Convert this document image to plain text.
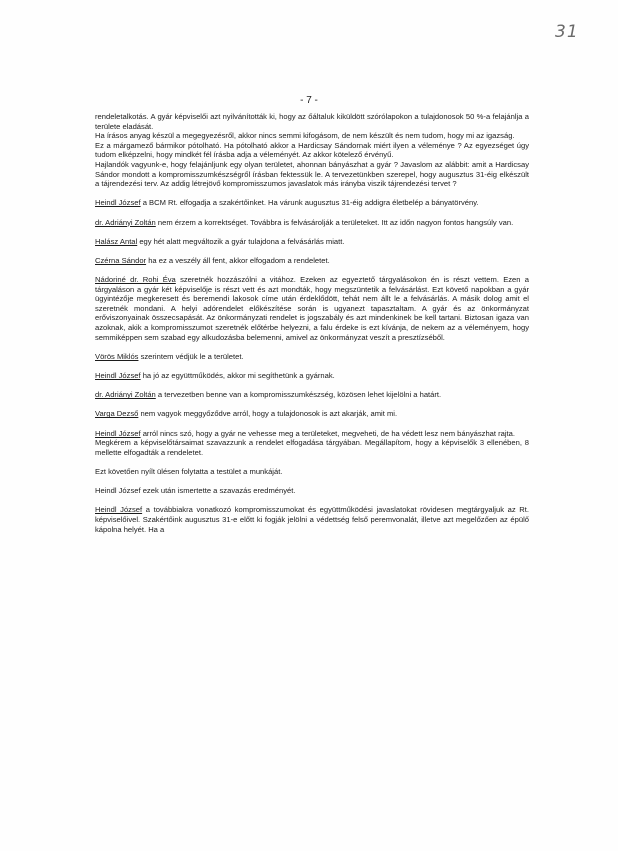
31
- 7 -

rendeletalkotás. A gyár képviselői azt nyilvánították ki, hogy az őáltaluk kiküldött szórólapokon a tulajdonosok 50 %-a felajánlja a területe eladását.

Ha írásos anyag készül a megegyezésről, akkor nincs semmi kifogásom, de nem készült és nem tudom, hogy mi az igazság.

Ez a márgamező bármikor pótolható. Ha pótolható akkor a Hardicsay Sándornak miért ilyen a véleménye ? Az egyezséget úgy tudom elképzelni, hogy mindkét fél írásba adja a véleményét. Az akkor kötelező érvényű.

Hajlandók vagyunk-e, hogy felajánljunk egy olyan területet, ahonnan bányászhat a gyár ? Javaslom az alábbit: amit a Hardicsay Sándor mondott a kompromisszumkészségről írásban fektessük le. A tervezetünkben szerepel, hogy augusztus 31-éig elkészült a tájrendezési terv. Az addig létrejövő kompromisszumos javaslatok más irányba viszik tájrendezési tervet ?

Heindl József a BCM Rt. elfogadja a szakértőinket. Ha várunk augusztus 31-éig addigra életbelép a bányatörvény.

dr. Adriányi Zoltán nem érzem a korrektséget. Továbbra is felvásárolják a területeket. Itt az időn nagyon fontos hangsúly van.

Halász Antal egy hét alatt megváltozik a gyár tulajdona a felvásárlás miatt.

Czérna Sándor ha ez a veszély áll fent, akkor elfogadom a rendeletet.

Nádoriné dr. Rohi Éva szeretnék hozzászólni a vitához. Ezeken az egyeztető tárgyalásokon én is részt vettem. Ezen a tárgyaláson a gyár két képviselője is részt vett és azt mondták, hogy megszüntetik a felvásárlást. Ezt követő napokban a gyár ügyintézője megkeresett és beremendi lakosok címe után érdeklődött, tehát nem állt le a felvásárlás. A másik dolog amit el szeretnék mondani. A helyi adórendelet előkészítése során is ugyanezt tapasztaltam. A gyár és az önkormányzat erőviszonyainak összecsapását. Az önkormányzati rendelet is jogszabály és azt mindenkinek be kell tartani. Biztosan igaza van azoknak, akik a kompromisszumot szeretnék előtérbe helyezni, a falu érdeke is ezt kívánja, de nekem az a véleményem, hogy semmiképpen sem szabad egy alkudozásba belemenni, amivel az önkormányzat veszít a presztízséből.

Vörös Miklós szerintem védjük le a területet.

Heindl József ha jó az együttműködés, akkor mi segíthetünk a gyárnak.

dr. Adriányi Zoltán a tervezetben benne van a kompromisszumkészség, közösen lehet kijelölni a határt.

Varga Dezső nem vagyok meggyőződve arról, hogy a tulajdonosok is azt akarják, amit mi.

Heindl József arról nincs szó, hogy a gyár ne vehesse meg a területeket, megveheti, de ha védett lesz nem bányászhat rajta.

Megkérem a képviselőtársaimat szavazzunk a rendelet elfogadása tárgyában. Megállapítom, hogy a képviselők 3 ellenében, 8 mellette elfogadták a rendeletet.

Ezt követően nyílt ülésen folytatta a testület a munkáját.

Heindl József ezek után ismertette a szavazás eredményét.

Heindl József a továbbiakra vonatkozó kompromisszumokat és együttműködési javaslatokat rövidesen megtárgyaljuk az Rt. képviselőivel. Szakértőink augusztus 31-e előtt ki fogják jelölni a védettség felső peremvonalát, illetve azt megelőzően az épülő kápolna helyét. Ha a
